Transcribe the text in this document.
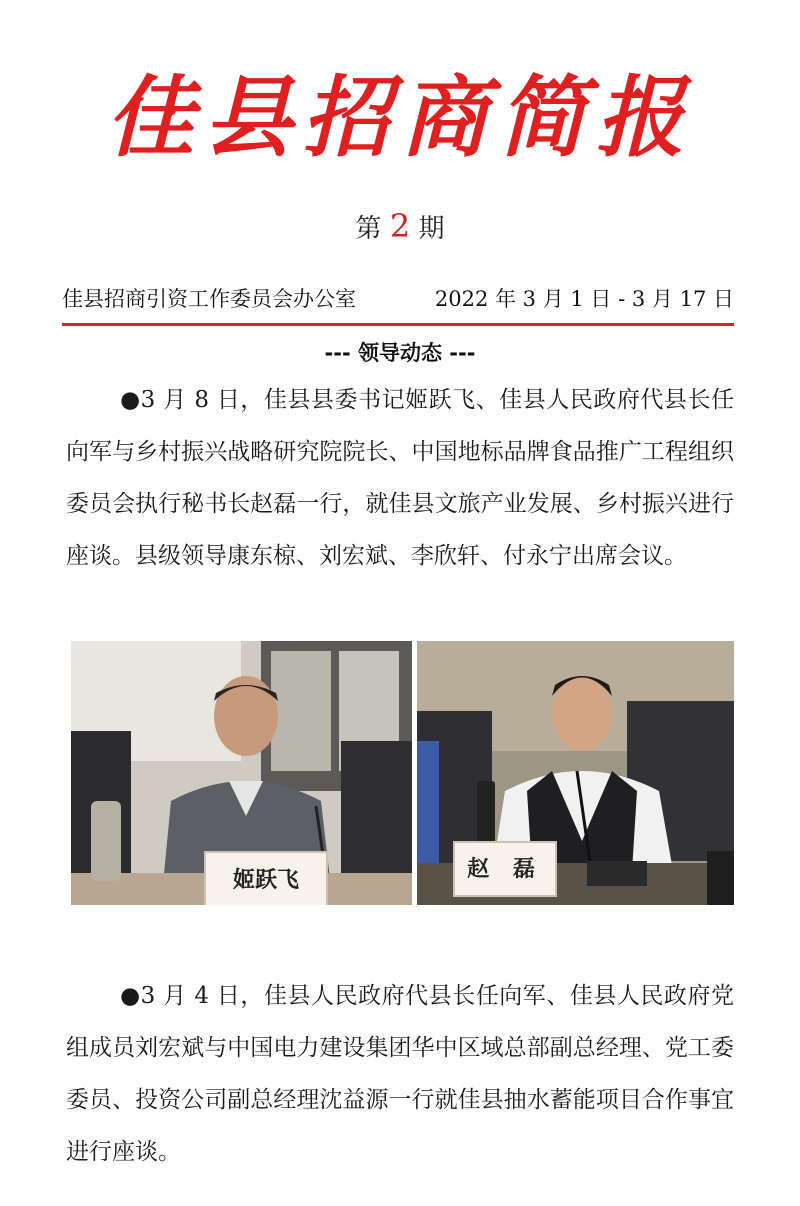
佳县招商简报
第 2 期
佳县招商引资工作委员会办公室	2022 年 3 月 1 日 - 3 月 17 日
--- 领导动态 ---

●3 月 8 日，佳县县委书记姬跃飞、佳县人民政府代县长任向军与乡村振兴战略研究院院长、中国地标品牌食品推广工程组织委员会执行秘书长赵磊一行，就佳县文旅产业发展、乡村振兴进行座谈。县级领导康东椋、刘宏斌、李欣轩、付永宁出席会议。

姬跃飞	赵 磊

●3 月 4 日，佳县人民政府代县长任向军、佳县人民政府党组成员刘宏斌与中国电力建设集团华中区域总部副总经理、党工委委员、投资公司副总经理沈益源一行就佳县抽水蓄能项目合作事宜进行座谈。
